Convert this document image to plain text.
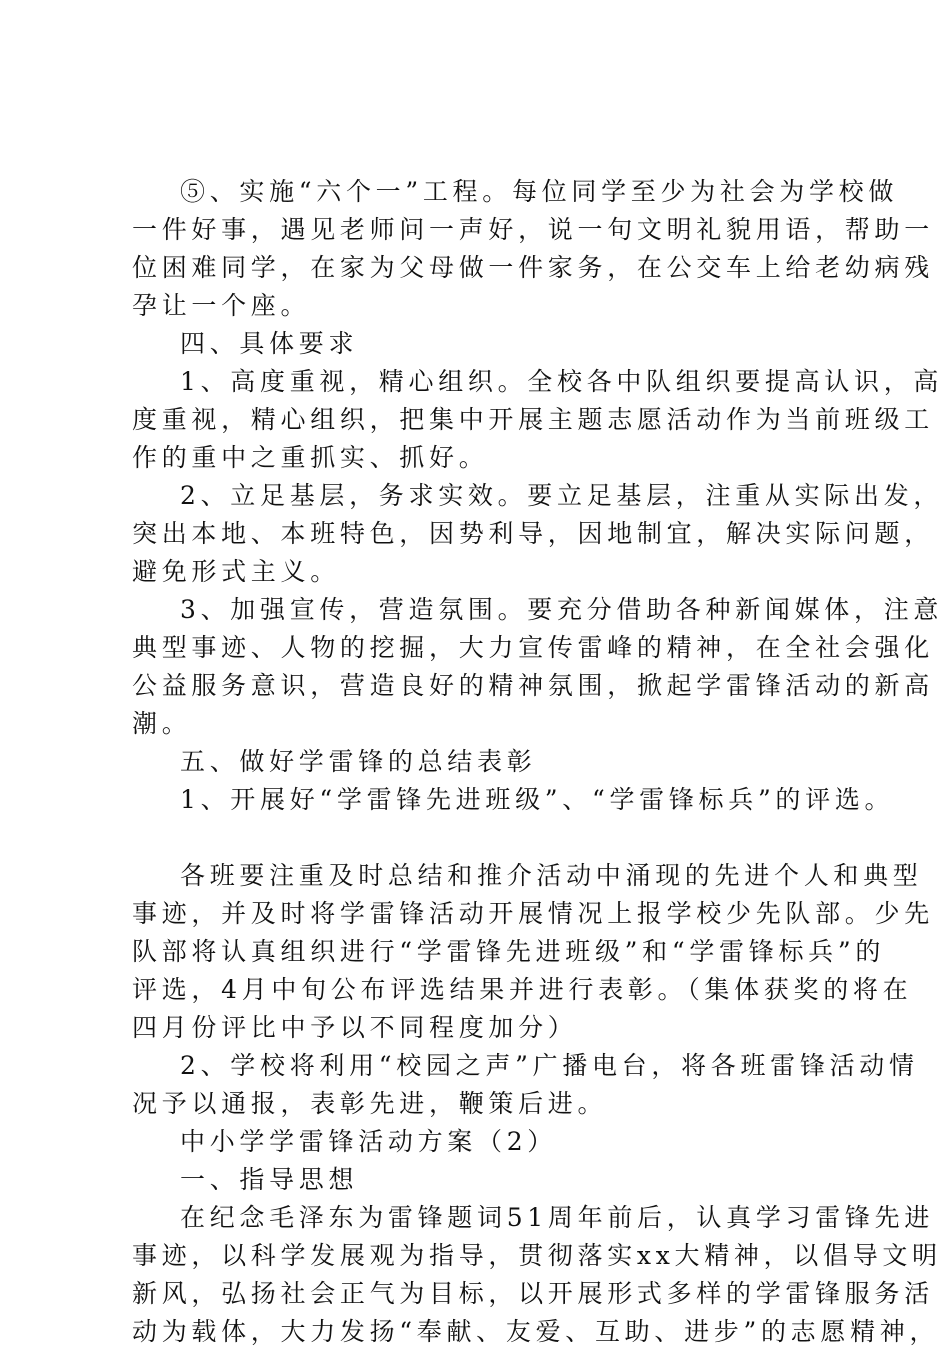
⑤、实施“六个一”工程。每位同学至少为社会为学校做
一件好事，遇见老师问一声好，说一句文明礼貌用语，帮助一
位困难同学，在家为父母做一件家务，在公交车上给老幼病残
孕让一个座。
四、具体要求
1、高度重视，精心组织。全校各中队组织要提高认识，高
度重视，精心组织，把集中开展主题志愿活动作为当前班级工
作的重中之重抓实、抓好。
2、立足基层，务求实效。要立足基层，注重从实际出发，
突出本地、本班特色，因势利导，因地制宜，解决实际问题，
避免形式主义。
3、加强宣传，营造氛围。要充分借助各种新闻媒体，注意
典型事迹、人物的挖掘，大力宣传雷峰的精神，在全社会强化
公益服务意识，营造良好的精神氛围，掀起学雷锋活动的新高
潮。
五、做好学雷锋的总结表彰
1、开展好“学雷锋先进班级”、“学雷锋标兵”的评选。
各班要注重及时总结和推介活动中涌现的先进个人和典型
事迹，并及时将学雷锋活动开展情况上报学校少先队部。少先
队部将认真组织进行“学雷锋先进班级”和“学雷锋标兵”的
评选，4月中旬公布评选结果并进行表彰。（集体获奖的将在
四月份评比中予以不同程度加分）
2、学校将利用“校园之声”广播电台，将各班雷锋活动情
况予以通报，表彰先进，鞭策后进。
中小学学雷锋活动方案（2）
一、指导思想
在纪念毛泽东为雷锋题词51周年前后，认真学习雷锋先进
事迹，以科学发展观为指导，贯彻落实xx大精神，以倡导文明
新风，弘扬社会正气为目标，以开展形式多样的学雷锋服务活
动为载体，大力发扬“奉献、友爱、互助、进步”的志愿精神，
